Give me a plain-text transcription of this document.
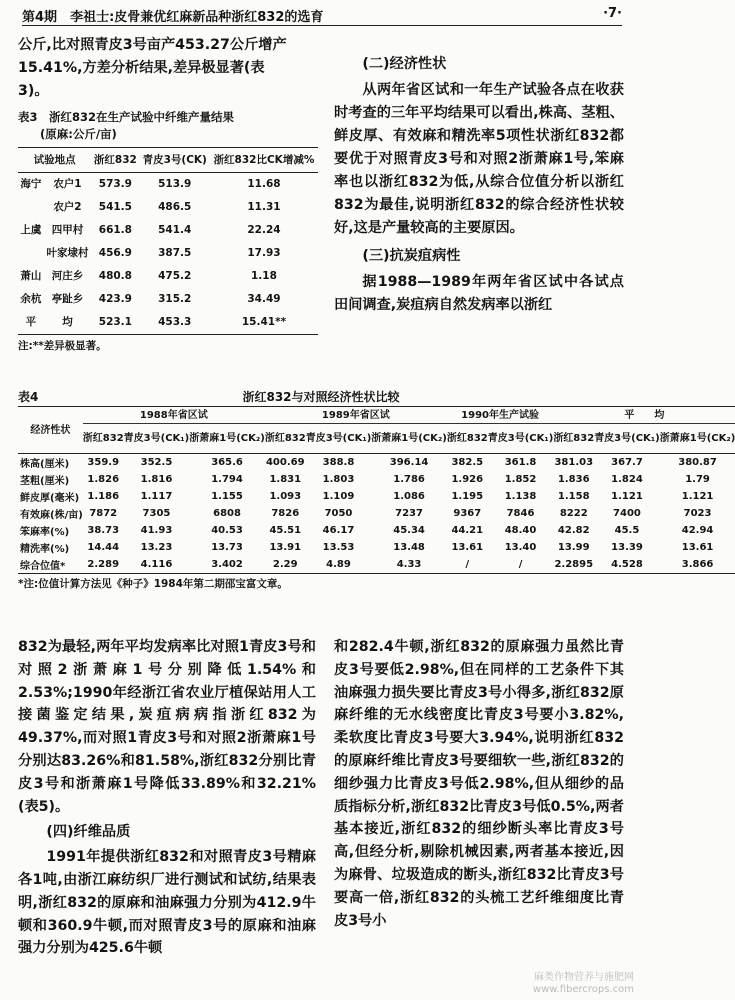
第4期　 李祖士:皮骨兼优红麻新品种浙红832的选育	·7·

公斤,比对照青皮3号亩产453.27公斤增产

15.41%,方差分析结果,差异极显著(表

3)。

表3　 浙红832在生产试验中纤维产量结果
(原麻:公斤/亩)
试验地点		浙红832	青皮3号(CK)	浙红832比CK增减%
海宁	农户1	573.9	513.9	11.68
	农户2	541.5	486.5	11.31
上虞	四甲村	661.8	541.4	22.24
	叶家埭村	456.9	387.5	17.93
萧山	河庄乡	480.8	475.2	1.18
余杭	亭趾乡	423.9	315.2	34.49
平	均	523.1	453.3	15.41**
注:**差异极显著。

(二)经济性状

从两年省区试和一年生产试验各点在收获时考查的三年平均结果可以看出,株高、茎粗、鲜皮厚、有效麻和精洗率5项性状浙红832都要优于对照青皮3号和对照2浙萧麻1号,笨麻率也以浙红832为低,从综合位值分析以浙红832为最佳,说明浙红832的综合经济性状较好,这是产量较高的主要原因。

(三)抗炭疽病性

据1988—1989年两年省区试中各试点田间调查,炭疽病自然发病率以浙红

表4	浙红832与对照经济性状比较
经济性状	1988年省区试			1989年省区试			1990年生产试验		平　　均		
	浙红832	青皮3号(CK₁)	浙萧麻1号(CK₂)	浙红832	青皮3号(CK₁)	浙萧麻1号(CK₂)	浙红832	青皮3号(CK₁)	浙红832	青皮3号(CK₁)	浙萧麻1号(CK₂)
株高(厘米)	359.9	352.5	365.6	400.69	388.8	396.14	382.5	361.8	381.03	367.7	380.87
茎粗(厘米)	1.826	1.816	1.794	1.831	1.803	1.786	1.926	1.852	1.836	1.824	1.79
鲜皮厚(毫米)	1.186	1.117	1.155	1.093	1.109	1.086	1.195	1.138	1.158	1.121	1.121
有效麻(株/亩)	7872	7305	6808	7826	7050	7237	9367	7846	8222	7400	7023
笨麻率(%)	38.73	41.93	40.53	45.51	46.17	45.34	44.21	48.40	42.82	45.5	42.94
精洗率(%)	14.44	13.23	13.73	13.91	13.53	13.48	13.61	13.40	13.99	13.39	13.61
综合位值*	2.289	4.116	3.402	2.29	4.89	4.33	/	/	2.2895	4.528	3.866
*注:位值计算方法见《种子》1984年第二期邵宝富文章。

832为最轻,两年平均发病率比对照1青皮3号和对照2浙萧麻1号分别降低1.54%和2.53%;1990年经浙江省农业厅植保站用人工接菌鉴定结果,炭疽病病指浙红832为49.37%,而对照1青皮3号和对照2浙萧麻1号分别达83.26%和81.58%,浙红832分别比青皮3号和浙萧麻1号降低33.89%和32.21%(表5)。

(四)纤维品质

1991年提供浙红832和对照青皮3号精麻各1吨,由浙江麻纺织厂进行测试和试纺,结果表明,浙红832的原麻和油麻强力分别为412.9牛顿和360.9牛顿,而对照青皮3号的原麻和油麻强力分别为425.6牛顿

和282.4牛顿,浙红832的原麻强力虽然比青皮3号要低2.98%,但在同样的工艺条件下其油麻强力损失要比青皮3号小得多,浙红832原麻纤维的无水线密度比青皮3号要小3.82%,柔软度比青皮3号要大3.94%,说明浙红832的原麻纤维比青皮3号要细软一些,浙红832的细纱强力比青皮3号低2.98%,但从细纱的品质指标分析,浙红832比青皮3号低0.5%,两者基本接近,浙红832的细纱断头率比青皮3号高,但经分析,剔除机械因素,两者基本接近,因为麻骨、垃圾造成的断头,浙红832比青皮3号要高一倍,浙红832的头梳工艺纤维细度比青皮3号小

麻类作物营养与施肥网
www.fibercrops.com
